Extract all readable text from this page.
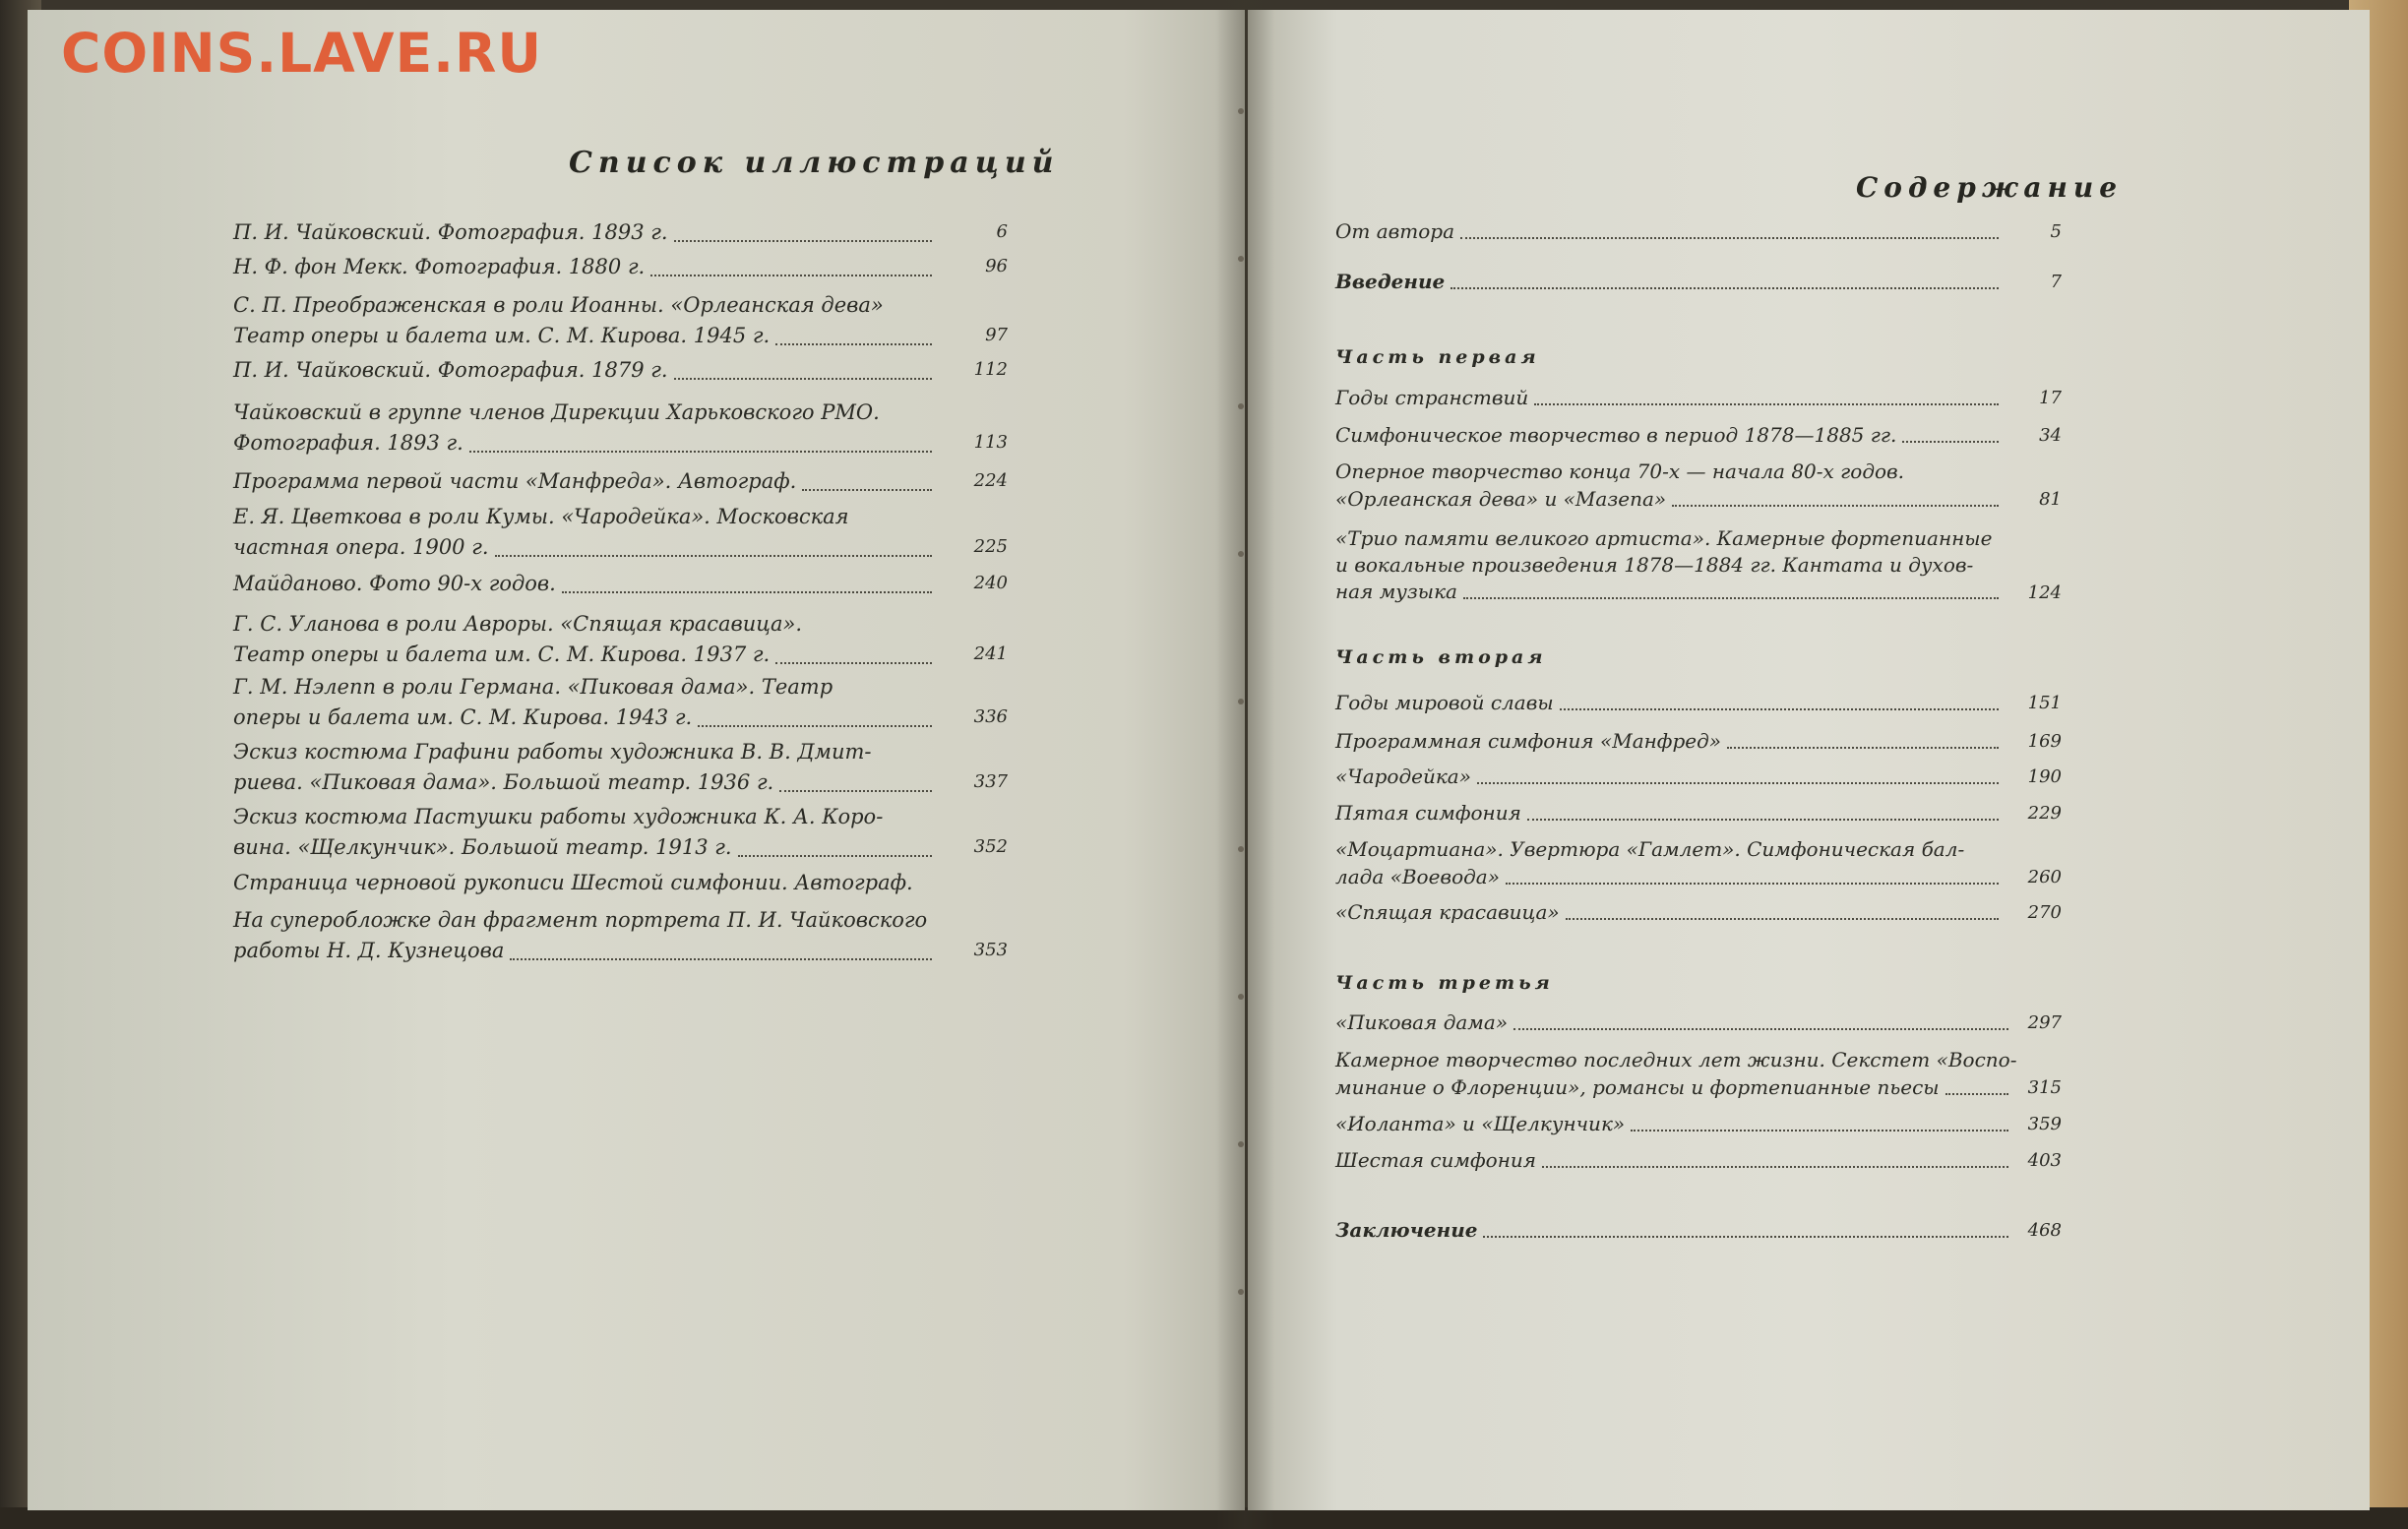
COINS.LAVE.RU
Список иллюстраций
П. И. Чайковский. Фотография. 1893 г.	6
Н. Ф. фон Мекк. Фотография. 1880 г.	96
С. П. Преображенская в роли Иоанны. «Орлеанская дева»
Театр оперы и балета им. С. М. Кирова. 1945 г.	97
П. И. Чайковский. Фотография. 1879 г.	112
Чайковский в группе членов Дирекции Харьковского РМО.
Фотография. 1893 г.	113
Программа первой части «Манфреда». Автограф.	224
Е. Я. Цветкова в роли Кумы. «Чародейка». Московская
частная опера. 1900 г.	225
Майданово. Фото 90-х годов.	240
Г. С. Уланова в роли Авроры. «Спящая красавица».
Театр оперы и балета им. С. М. Кирова. 1937 г.	241
Г. М. Нэлепп в роли Германа. «Пиковая дама». Театр
оперы и балета им. С. М. Кирова. 1943 г.	336
Эскиз костюма Графини работы художника В. В. Дмит-
риева. «Пиковая дама». Большой театр. 1936 г.	337
Эскиз костюма Пастушки работы художника К. А. Коро-
вина. «Щелкунчик». Большой театр. 1913 г.	352
Страница черновой рукописи Шестой симфонии. Автограф.
На суперобложке дан фрагмент портрета П. И. Чайковского
работы Н. Д. Кузнецова	353
Содержание
От автора	5
Введение	7
Часть первая
Годы странствий	17
Симфоническое творчество в период 1878—1885 гг.	34
Оперное творчество конца 70-х — начала 80-х годов.
«Орлеанская дева» и «Мазепа»	81
«Трио памяти великого артиста». Камерные фортепианные
и вокальные произведения 1878—1884 гг. Кантата и духов-
ная музыка	124
Часть вторая
Годы мировой славы	151
Программная симфония «Манфред»	169
«Чародейка»	190
Пятая симфония	229
«Моцартиана». Увертюра «Гамлет». Симфоническая бал-
лада «Воевода»	260
«Спящая красавица»	270
Часть третья
«Пиковая дама»	297
Камерное творчество последних лет жизни. Секстет «Воспо-
минание о Флоренции», романсы и фортепианные пьесы	315
«Иоланта» и «Щелкунчик»	359
Шестая симфония	403
Заключение	468
